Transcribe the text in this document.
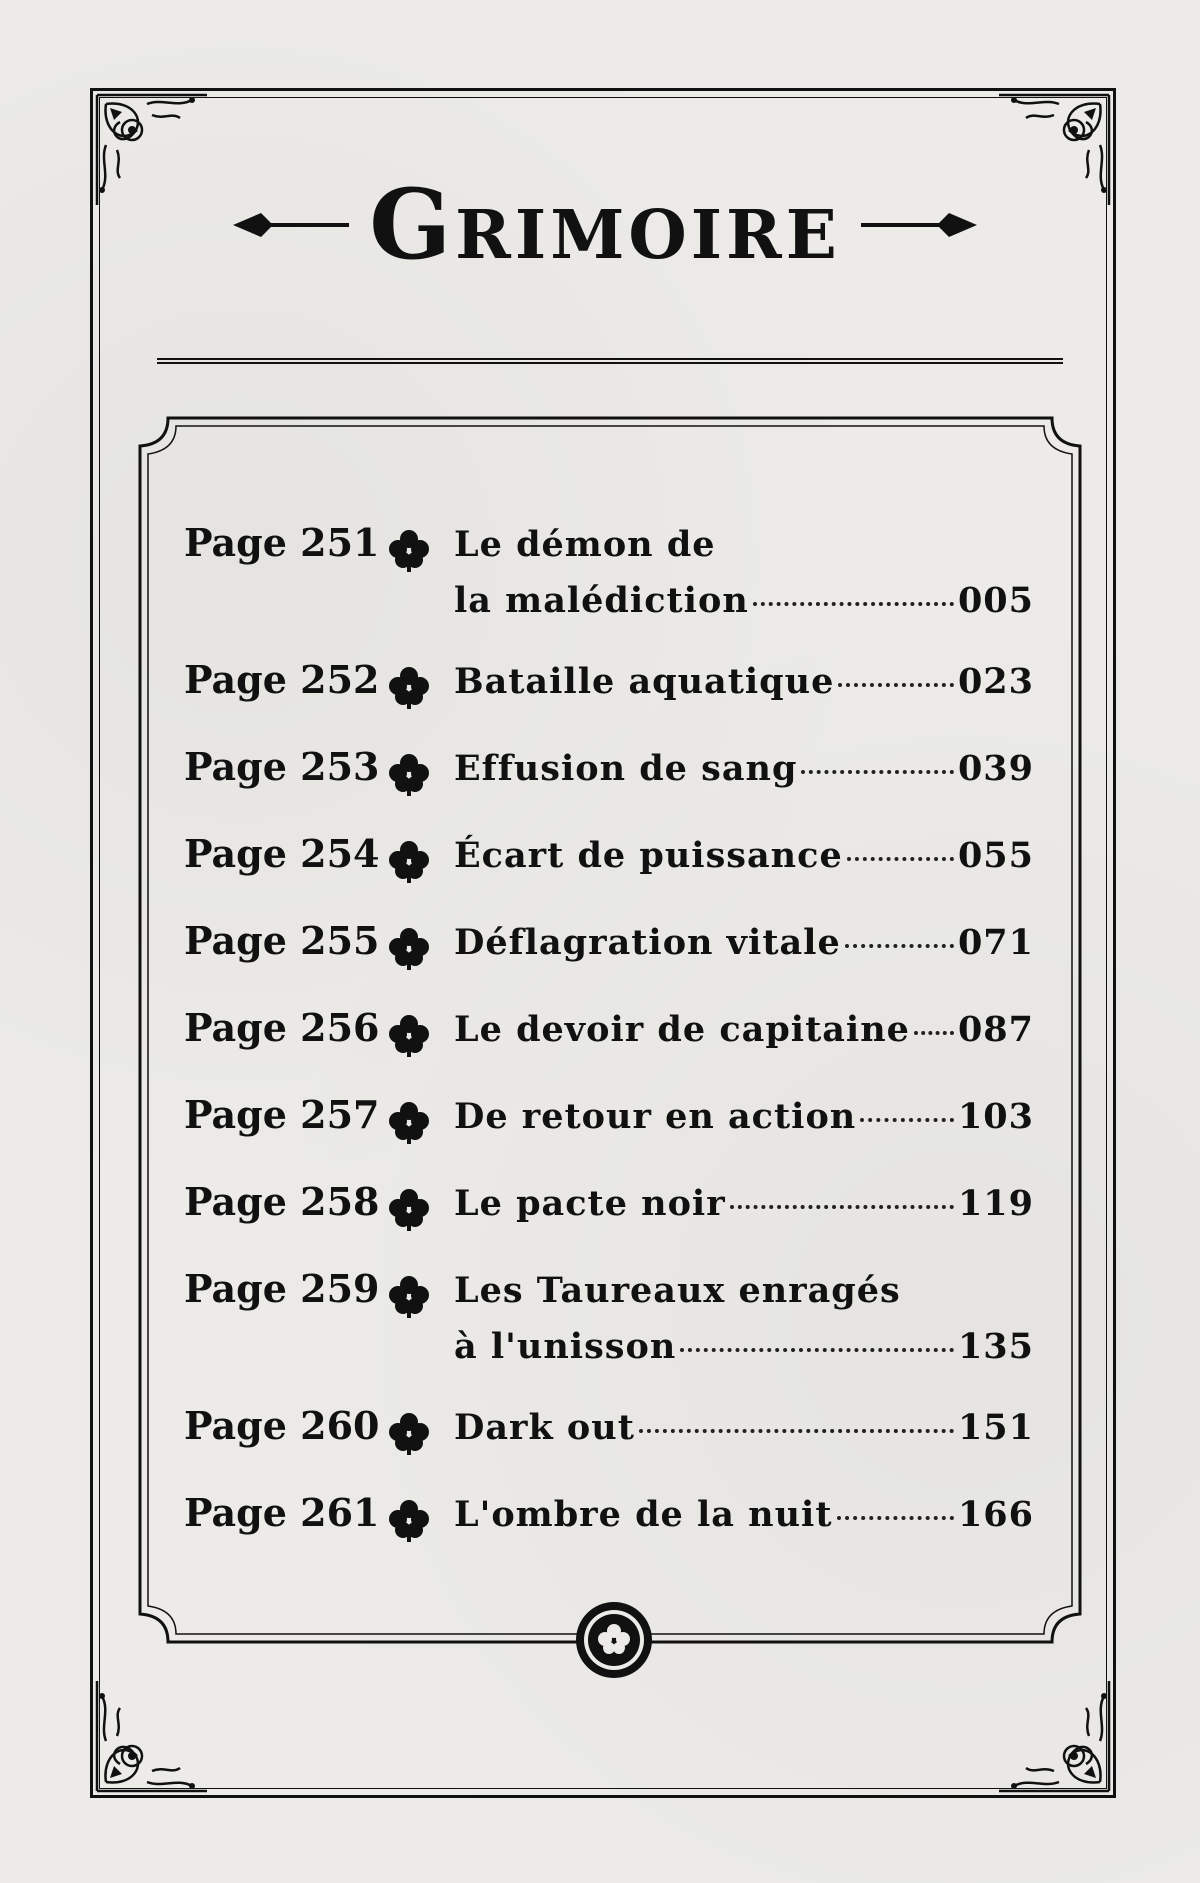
Grimoire
Page 251 Le démon de
la malédiction	005
Page 252 Bataille aquatique	023
Page 253 Effusion de sang	039
Page 254 Écart de puissance	055
Page 255 Déflagration vitale	071
Page 256 Le devoir de capitaine 087
Page 257 De retour en action	103
Page 258 Le pacte noir	119
Page 259 Les Taureaux enragés
à l'unisson	135
Page 260 Dark out	151
Page 261 L'ombre de la nuit	166
